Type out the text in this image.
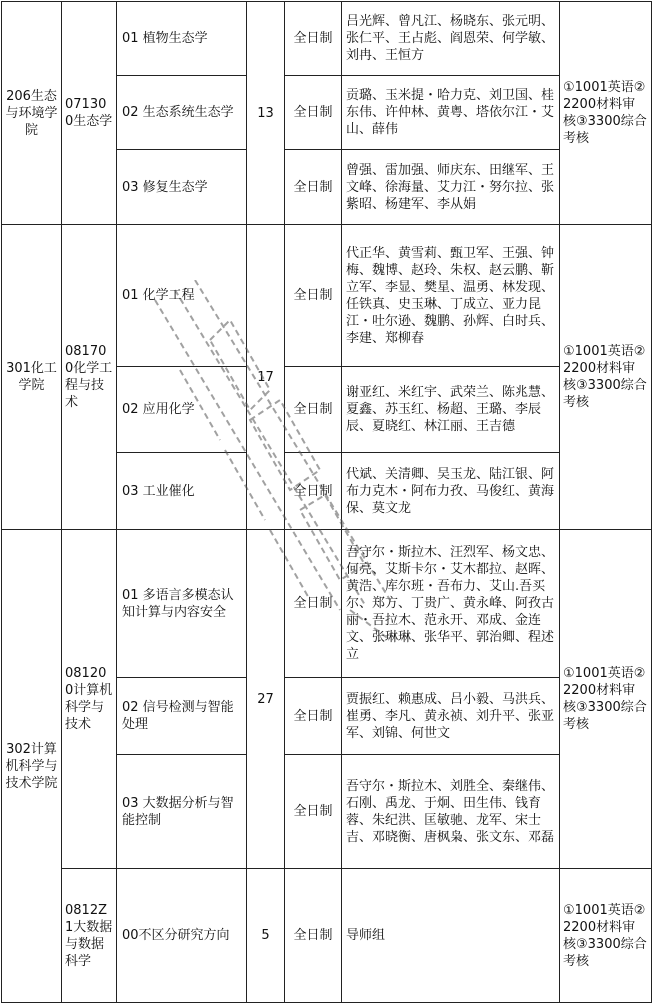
206生态与环境学院	071300生态学	01 植物生态学	13	全日制	吕光辉、曾凡江、杨晓东、张元明、张仁平、王占彪、阎恩荣、何学敏、刘冉、王恒方	①1001英语②2200材料审核③3300综合考核
		02 生态系统生态学		全日制	贡璐、玉米提・哈力克、刘卫国、桂东伟、许仲林、黄粤、塔依尔江・艾山、薛伟	
		03 修复生态学		全日制	曾强、雷加强、师庆东、田继军、王文峰、徐海量、艾力江・努尔拉、张紫昭、杨建军、李从娟	
301化工学院	081700化学工程与技术	01 化学工程	17	全日制	代正华、黄雪莉、甄卫军、王强、钟梅、魏博、赵玲、朱权、赵云鹏、靳立军、李显、樊星、温勇、林发现、任铁真、史玉琳、丁成立、亚力昆江・吐尔逊、魏鹏、孙辉、白时兵、李建、郑柳春	①1001英语②2200材料审核③3300综合考核
		02 应用化学		全日制	谢亚红、米红宇、武荣兰、陈兆慧、夏鑫、苏玉红、杨超、王璐、李辰辰、夏晓红、林江丽、王吉德	
		03 工业催化		全日制	代斌、关清卿、吴玉龙、陆江银、阿布力克木・阿布力孜、马俊红、黄海保、莫文龙	
302计算机科学与技术学院	081200计算机科学与技术	01 多语言多模态认知计算与内容安全	27	全日制	吾守尔・斯拉木、汪烈军、杨文忠、何亮、艾斯卡尔・艾木都拉、赵晖、黄浩、库尔班・吾布力、艾山.吾买尔、郑方、丁贵广、黄永峰、阿孜古丽・吾拉木、范永开、邓成、金连文、张琳琳、张华平、郭治卿、程述立	①1001英语②2200材料审核③3300综合考核
		02 信号检测与智能处理		全日制	贾振红、赖惠成、吕小毅、马洪兵、崔勇、李凡、黄永祯、刘升平、张亚军、刘锦、何世文	
		03 大数据分析与智能控制		全日制	吾守尔・斯拉木、刘胜全、秦继伟、石刚、禹龙、于炯、田生伟、钱育蓉、朱纪洪、匡敏驰、龙军、宋士吉、邓晓衡、唐枫枭、张文东、邓磊	
	0812Z1大数据与数据科学	00不区分研究方向	5	全日制	导师组	①1001英语②2200材料审核③3300综合考核
